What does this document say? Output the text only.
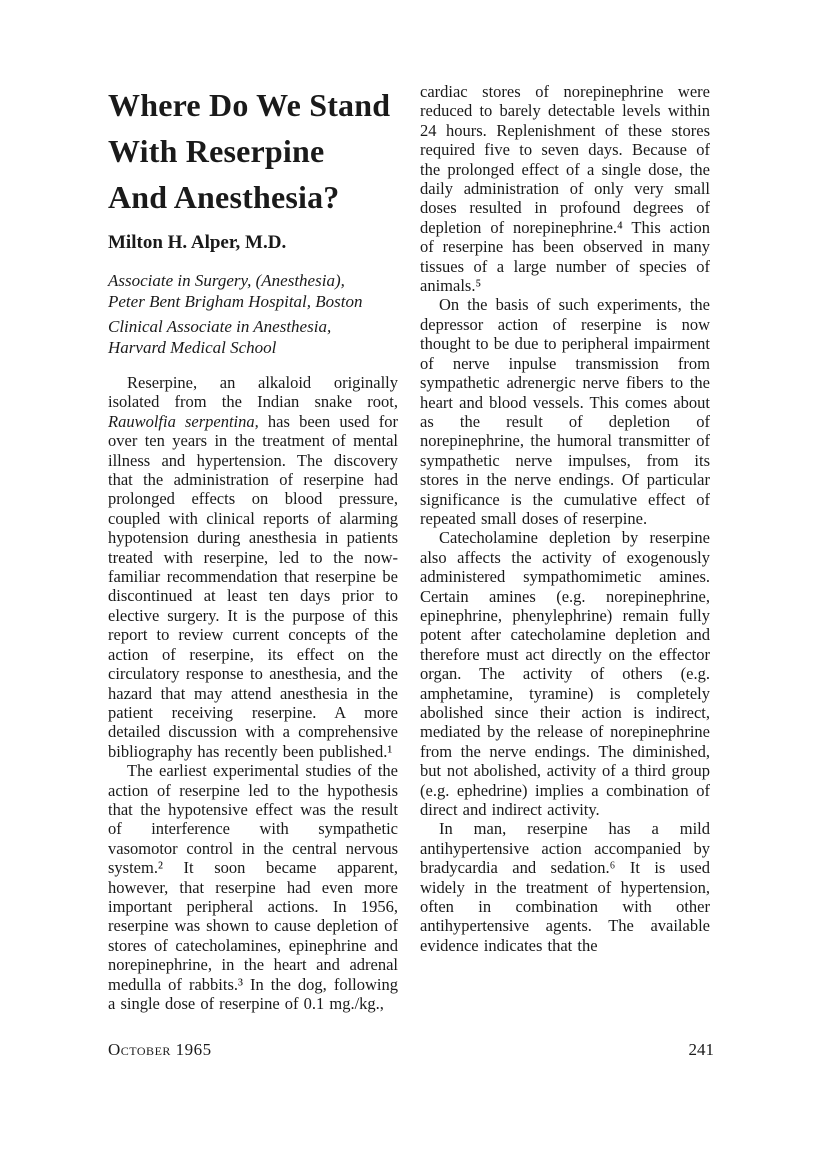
Where Do We Stand
With Reserpine
And Anesthesia?

Milton H. Alper, M.D.

Associate in Surgery, (Anesthesia),
Peter Bent Brigham Hospital, Boston
Clinical Associate in Anesthesia,
Harvard Medical School

Reserpine, an alkaloid originally isolated from the Indian snake root, Rauwolfia serpentina, has been used for over ten years in the treatment of mental illness and hypertension. The discovery that the administration of reserpine had prolonged effects on blood pressure, coupled with clinical reports of alarming hypotension during anesthesia in patients treated with reserpine, led to the now-familiar recommendation that reserpine be discontinued at least ten days prior to elective surgery. It is the purpose of this report to review current concepts of the action of reserpine, its effect on the circulatory response to anesthesia, and the hazard that may attend anesthesia in the patient receiving reserpine. A more detailed discussion with a comprehensive bibliography has recently been published.¹

The earliest experimental studies of the action of reserpine led to the hypothesis that the hypotensive effect was the result of interference with sympathetic vasomotor control in the central nervous system.² It soon became apparent, however, that reserpine had even more important peripheral actions. In 1956, reserpine was shown to cause depletion of stores of catecholamines, epinephrine and norepinephrine, in the heart and adrenal medulla of rabbits.³ In the dog, following a single dose of reserpine of 0.1 mg./kg.,

cardiac stores of norepinephrine were reduced to barely detectable levels within 24 hours. Replenishment of these stores required five to seven days. Because of the prolonged effect of a single dose, the daily administration of only very small doses resulted in profound degrees of depletion of norepinephrine.⁴ This action of reserpine has been observed in many tissues of a large number of species of animals.⁵

On the basis of such experiments, the depressor action of reserpine is now thought to be due to peripheral impairment of nerve inpulse transmission from sympathetic adrenergic nerve fibers to the heart and blood vessels. This comes about as the result of depletion of norepinephrine, the humoral transmitter of sympathetic nerve impulses, from its stores in the nerve endings. Of particular significance is the cumulative effect of repeated small doses of reserpine.

Catecholamine depletion by reserpine also affects the activity of exogenously administered sympathomimetic amines. Certain amines (e.g. norepinephrine, epinephrine, phenylephrine) remain fully potent after catecholamine depletion and therefore must act directly on the effector organ. The activity of others (e.g. amphetamine, tyramine) is completely abolished since their action is indirect, mediated by the release of norepinephrine from the nerve endings. The diminished, but not abolished, activity of a third group (e.g. ephedrine) implies a combination of direct and indirect activity.

In man, reserpine has a mild antihypertensive action accompanied by bradycardia and sedation.⁶ It is used widely in the treatment of hypertension, often in combination with other antihypertensive agents. The available evidence indicates that the

October 1965	241
